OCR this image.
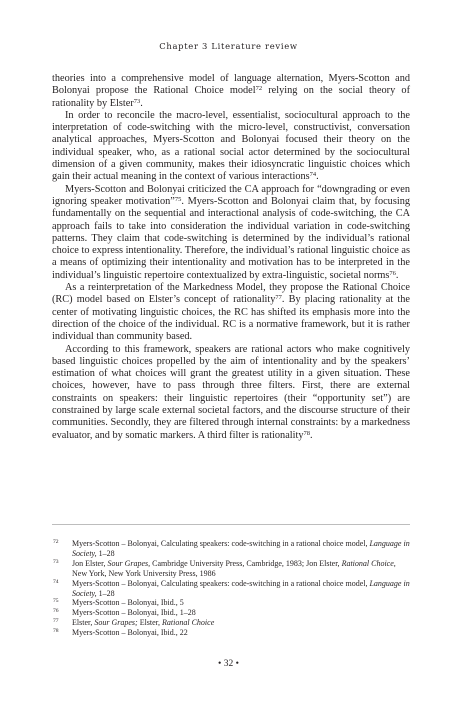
Chapter 3 Literature review

theories into a comprehensive model of language alternation, Myers-Scotton and Bolonyai propose the Rational Choice model$^{72}$ relying on the social theory of rationality by Elster$^{73}$.

In order to reconcile the macro-level, essentialist, sociocultural approach to the interpretation of code-switching with the micro-level, constructivist, conversation analytical approaches, Myers-Scotton and Bolonyai focused their theory on the individual speaker, who, as a rational social actor determined by the sociocultural dimension of a given community, makes their idiosyncratic linguistic choices which gain their actual meaning in the context of various interactions$^{74}$.

Myers-Scotton and Bolonyai criticized the CA approach for “downgrading or even ignoring speaker motivation”$^{75}$. Myers-Scotton and Bolonyai claim that, by focusing fundamentally on the sequential and interactional analysis of code-switching, the CA approach fails to take into consideration the individual variation in code-switching patterns. They claim that code-switching is determined by the individual’s rational choice to express intentionality. Therefore, the individual’s rational linguistic choice as a means of optimizing their intentionality and motivation has to be interpreted in the individual’s linguistic repertoire contextualized by extra-linguistic, societal norms$^{76}$.

As a reinterpretation of the Markedness Model, they propose the Rational Choice (RC) model based on Elster’s concept of rationality$^{77}$. By placing rationality at the center of motivating linguistic choices, the RC has shifted its emphasis more into the direction of the choice of the individual. RC is a normative framework, but it is rather individual than community based.

According to this framework, speakers are rational actors who make cognitively based linguistic choices propelled by the aim of intentionality and by the speakers’ estimation of what choices will grant the greatest utility in a given situation. These choices, however, have to pass through three filters. First, there are external constraints on speakers: their linguistic repertoires (their “opportunity set”) are constrained by large scale external societal factors, and the discourse structure of their communities. Secondly, they are filtered through internal constraints: by a markedness evaluator, and by somatic markers. A third filter is rationality$^{78}$.

72 Myers-Scotton – Bolonyai, Calculating speakers: code-switching in a rational choice model, Language in Society, 1–28
73 Jon Elster, Sour Grapes, Cambridge University Press, Cambridge, 1983; Jon Elster, Rational Choice, New York, New York University Press, 1986
74 Myers-Scotton – Bolonyai, Calculating speakers: code-switching in a rational choice model, Language in Society, 1–28
75 Myers-Scotton – Bolonyai, Ibid., 5
76 Myers-Scotton – Bolonyai, Ibid., 1–28
77 Elster, Sour Grapes; Elster, Rational Choice
78 Myers-Scotton – Bolonyai, Ibid., 22
• 32 •
